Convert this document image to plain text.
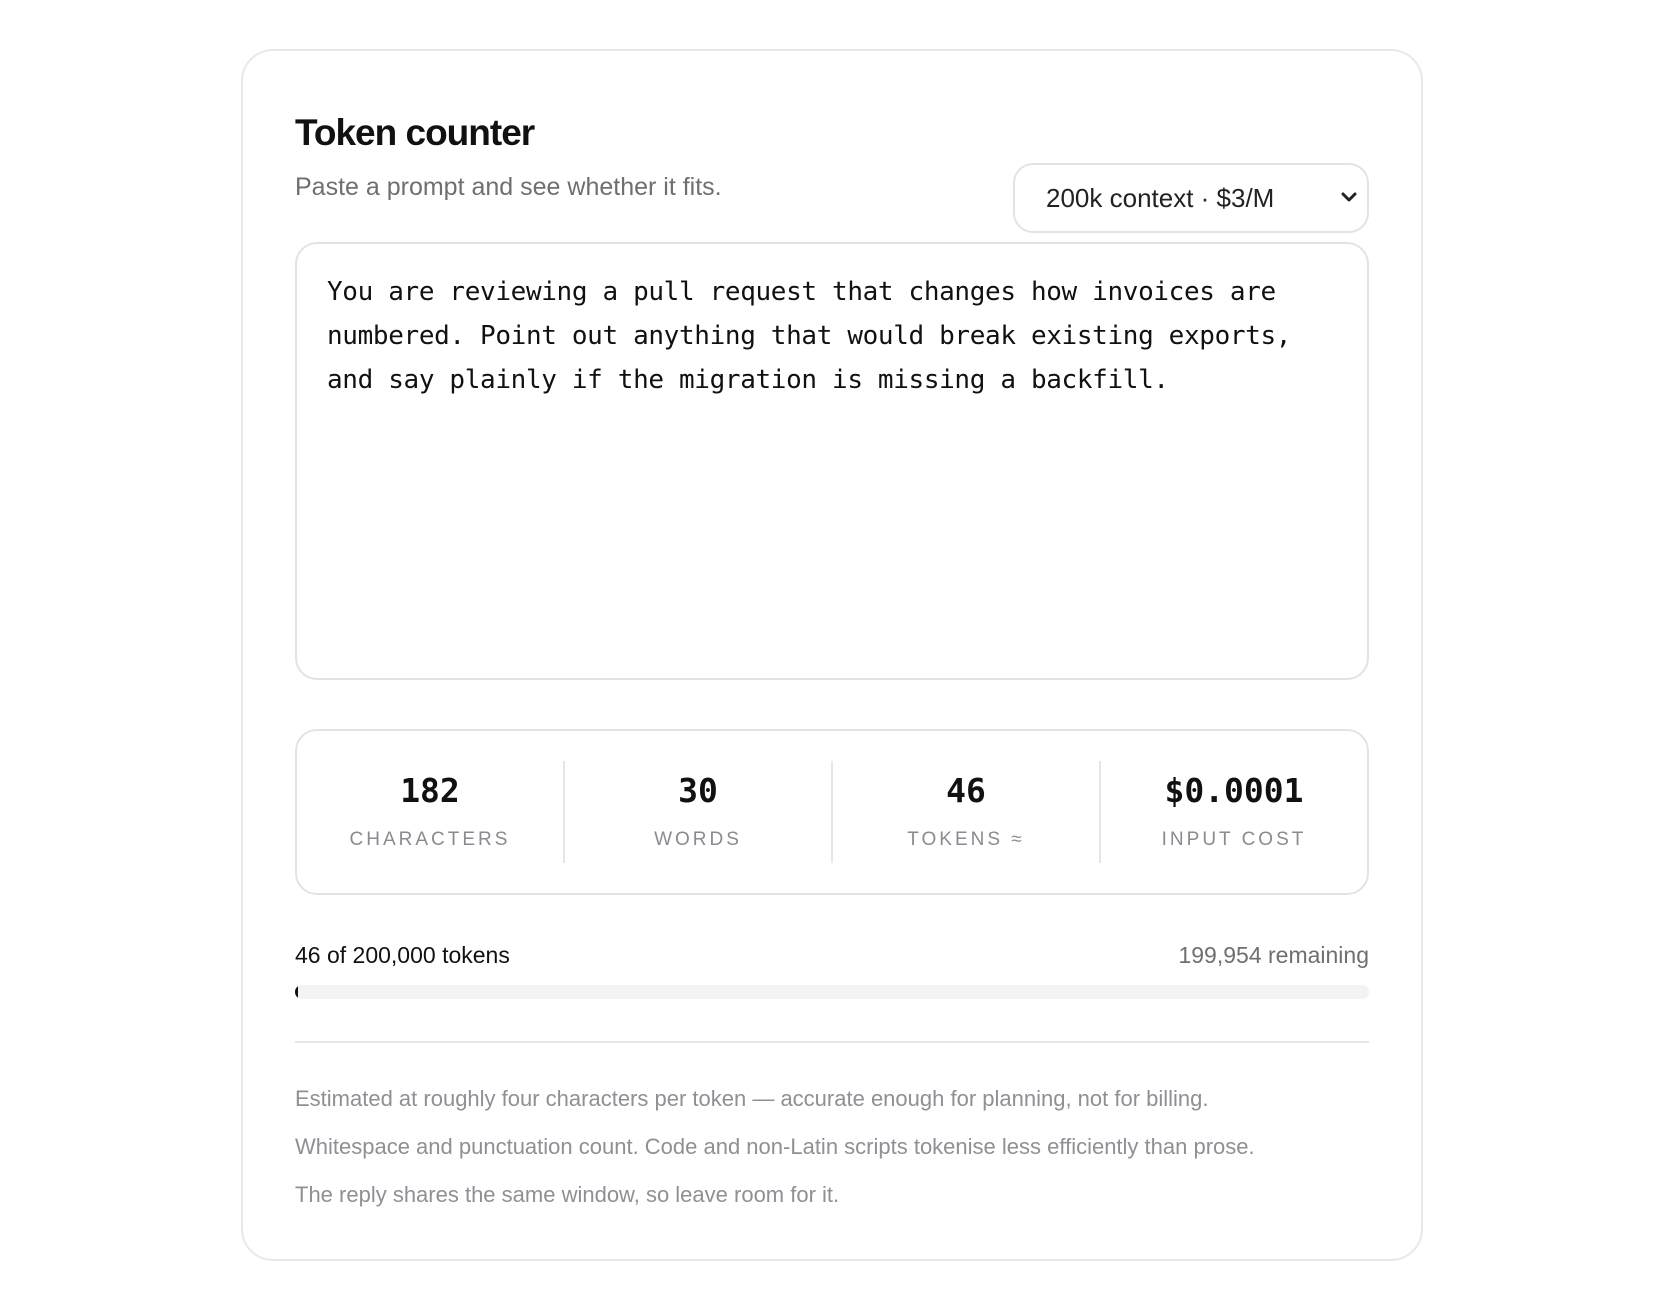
Token counter
Paste a prompt and see whether it fits.	200k context · $3/M
You are reviewing a pull request that changes how invoices are numbered. Point out anything that would break existing exports, and say plainly if the migration is missing a backfill.
182
CHARACTERS
30
WORDS
46
TOKENS ≈
$0.0001
INPUT COST
46 of 200,000 tokens	199,954 remaining
Estimated at roughly four characters per token — accurate enough for planning, not for billing.
Whitespace and punctuation count. Code and non-Latin scripts tokenise less efficiently than prose.
The reply shares the same window, so leave room for it.
